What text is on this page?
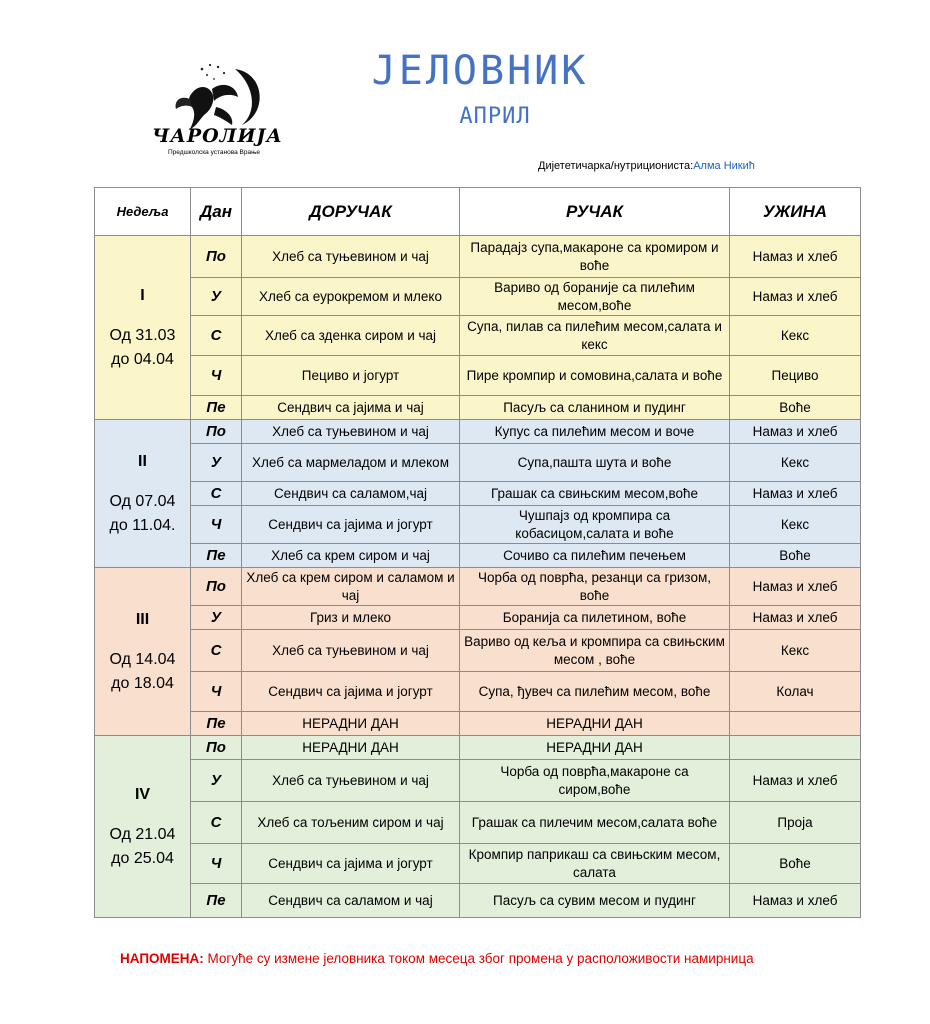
ЧАРОЛИЈА
Предшколска установа Врање
ЈЕЛОВНИК
АПРИЛ
Дијететичарка/нутриционистa:Алма Никић
Недеља	Дан	ДОРУЧАК	РУЧАК	УЖИНА

I
Од 31.03
до 04.04	По	Хлеб са туњевином и чај	Парадајз супа,макароне са кромиром и воће	Намаз и хлеб
	У	Хлеб са еурокремом и млеко	Вариво од боранијe са пилећим месом,воће	Намаз и хлеб
	С	Хлеб са зденка сиром и чај	Супа, пилав са пилећим месом,салата и кекс	Кекс
	Ч	Пециво и јогурт	Пире кромпир и сомовина,салата и воће	Пециво
	Пе	Сендвич са јајима и чај	Пасуљ са сланином и пудинг	Воће

II
Од 07.04
до 11.04.	По	Хлеб са туњевином и чај	Купус са пилећим месом и воче	Намаз и хлеб
	У	Хлеб са мармеладом и млеком	Супа,пашта шута и воће	Кекс
	С	Сендвич са саламом,чај	Грашак са свињским месом,воће	Намаз и хлеб
	Ч	Сендвич са јајима и јогурт	Чушпајз од кромпира са кобасицом,салата и воће	Кекс
	Пе	Хлеб са крем сиром и чај	Сочиво са пилећим печењем	Воће

III
Од 14.04
до 18.04	По	Хлеб са крем сиром и саламом и чај	Чорба од поврћа, резанци са гризом, воће	Намаз и хлеб
	У	Гриз и млеко	Боранија са пилетином, воће	Намаз и хлеб
	С	Хлеб са туњевином и чај	Вариво од кеља и кромпира са свињским месом , воће	Кекс
	Ч	Сендвич са јајима и јогурт	Супа, ђувеч са пилећим месом, воће	Колач
	Пе	НЕРАДНИ ДАН	НЕРАДНИ ДАН	

IV
Од 21.04
до 25.04	По	НЕРАДНИ ДАН	НЕРАДНИ ДАН	
	У	Хлеб са туњевином и чај	Чорба од поврћа,макароне са сиром,воће	Намаз и хлеб
	С	Хлеб са тољеним сиром и чај	Грашак са пилечим месом,салата воће	Проја
	Ч	Сендвич са јајима и јогурт	Кромпир паприкаш са свињским месом, салата	Воће
	Пе	Сендвич са саламом и чај	Пасуљ са сувим месом и пудинг	Намаз и хлеб
НАПОМЕНА: Могуће су измене јеловника током месеца због промена у расположивости намирница
